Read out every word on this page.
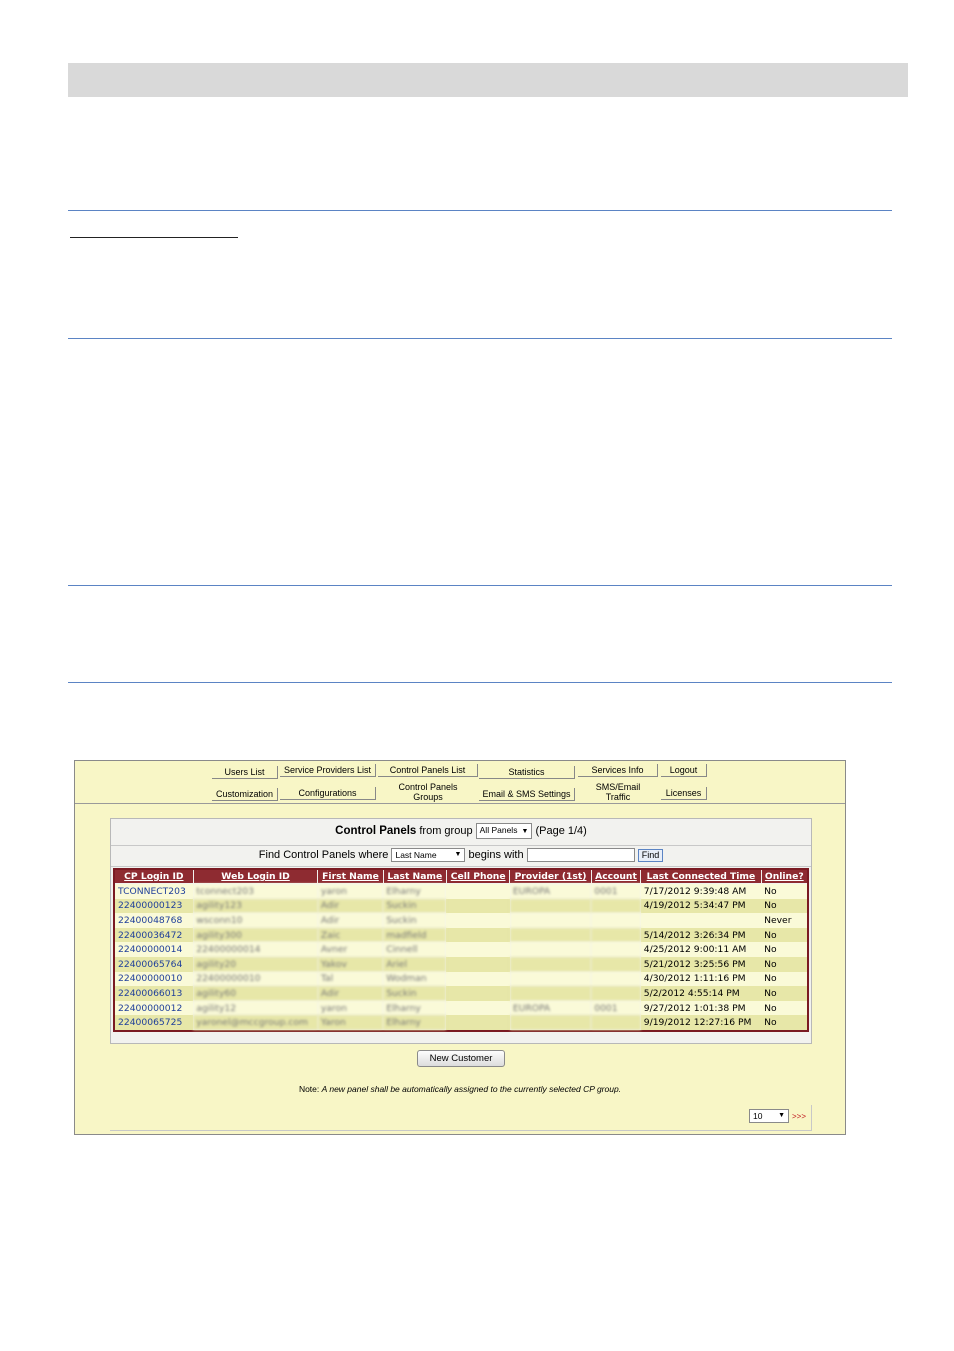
Users List	Service Providers List	Control Panels List	Statistics	Services Info	Logout
Customization	Configurations
Control Panels Groups	Email & SMS Settings
SMS/Email Traffic	Licenses
Control Panels from group All Panels ▼ (Page 1/4)
Find Control Panels where Last Name	▼ begins with	Find
CP Login ID	Web Login ID	First Name	Last Name	Cell Phone	Provider (1st)	Account	Last Connected Time	Online?
TCONNECT203	tconnect203	yaron	Elharny		EUROPA	0001	7/17/2012 9:39:48 AM	No
22400000123	agility123	Adir	Suckin				4/19/2012 5:34:47 PM	No
22400048768	wsconn10	Adir	Suckin					Never
22400036472	agility300	Zaic	madfield				5/14/2012 3:26:34 PM	No
22400000014	22400000014	Avner	Cinnell				4/25/2012 9:00:11 AM	No
22400065764	agility20	Yakov	Ariel				5/21/2012 3:25:56 PM	No
22400000010	22400000010	Tal	Wodman				4/30/2012 1:11:16 PM	No
22400066013	agility60	Adir	Suckin				5/2/2012 4:55:14 PM	No
22400000012	agility12	yaron	Elharny		EUROPA	0001	9/27/2012 1:01:38 PM	No
22400065725	yaronel@mccgroup.com	Yaron	Elharny				9/19/2012 12:27:16 PM	No
New Customer
Note: A new panel shall be automatically assigned to the currently selected CP group.
10 ▼ >>>
